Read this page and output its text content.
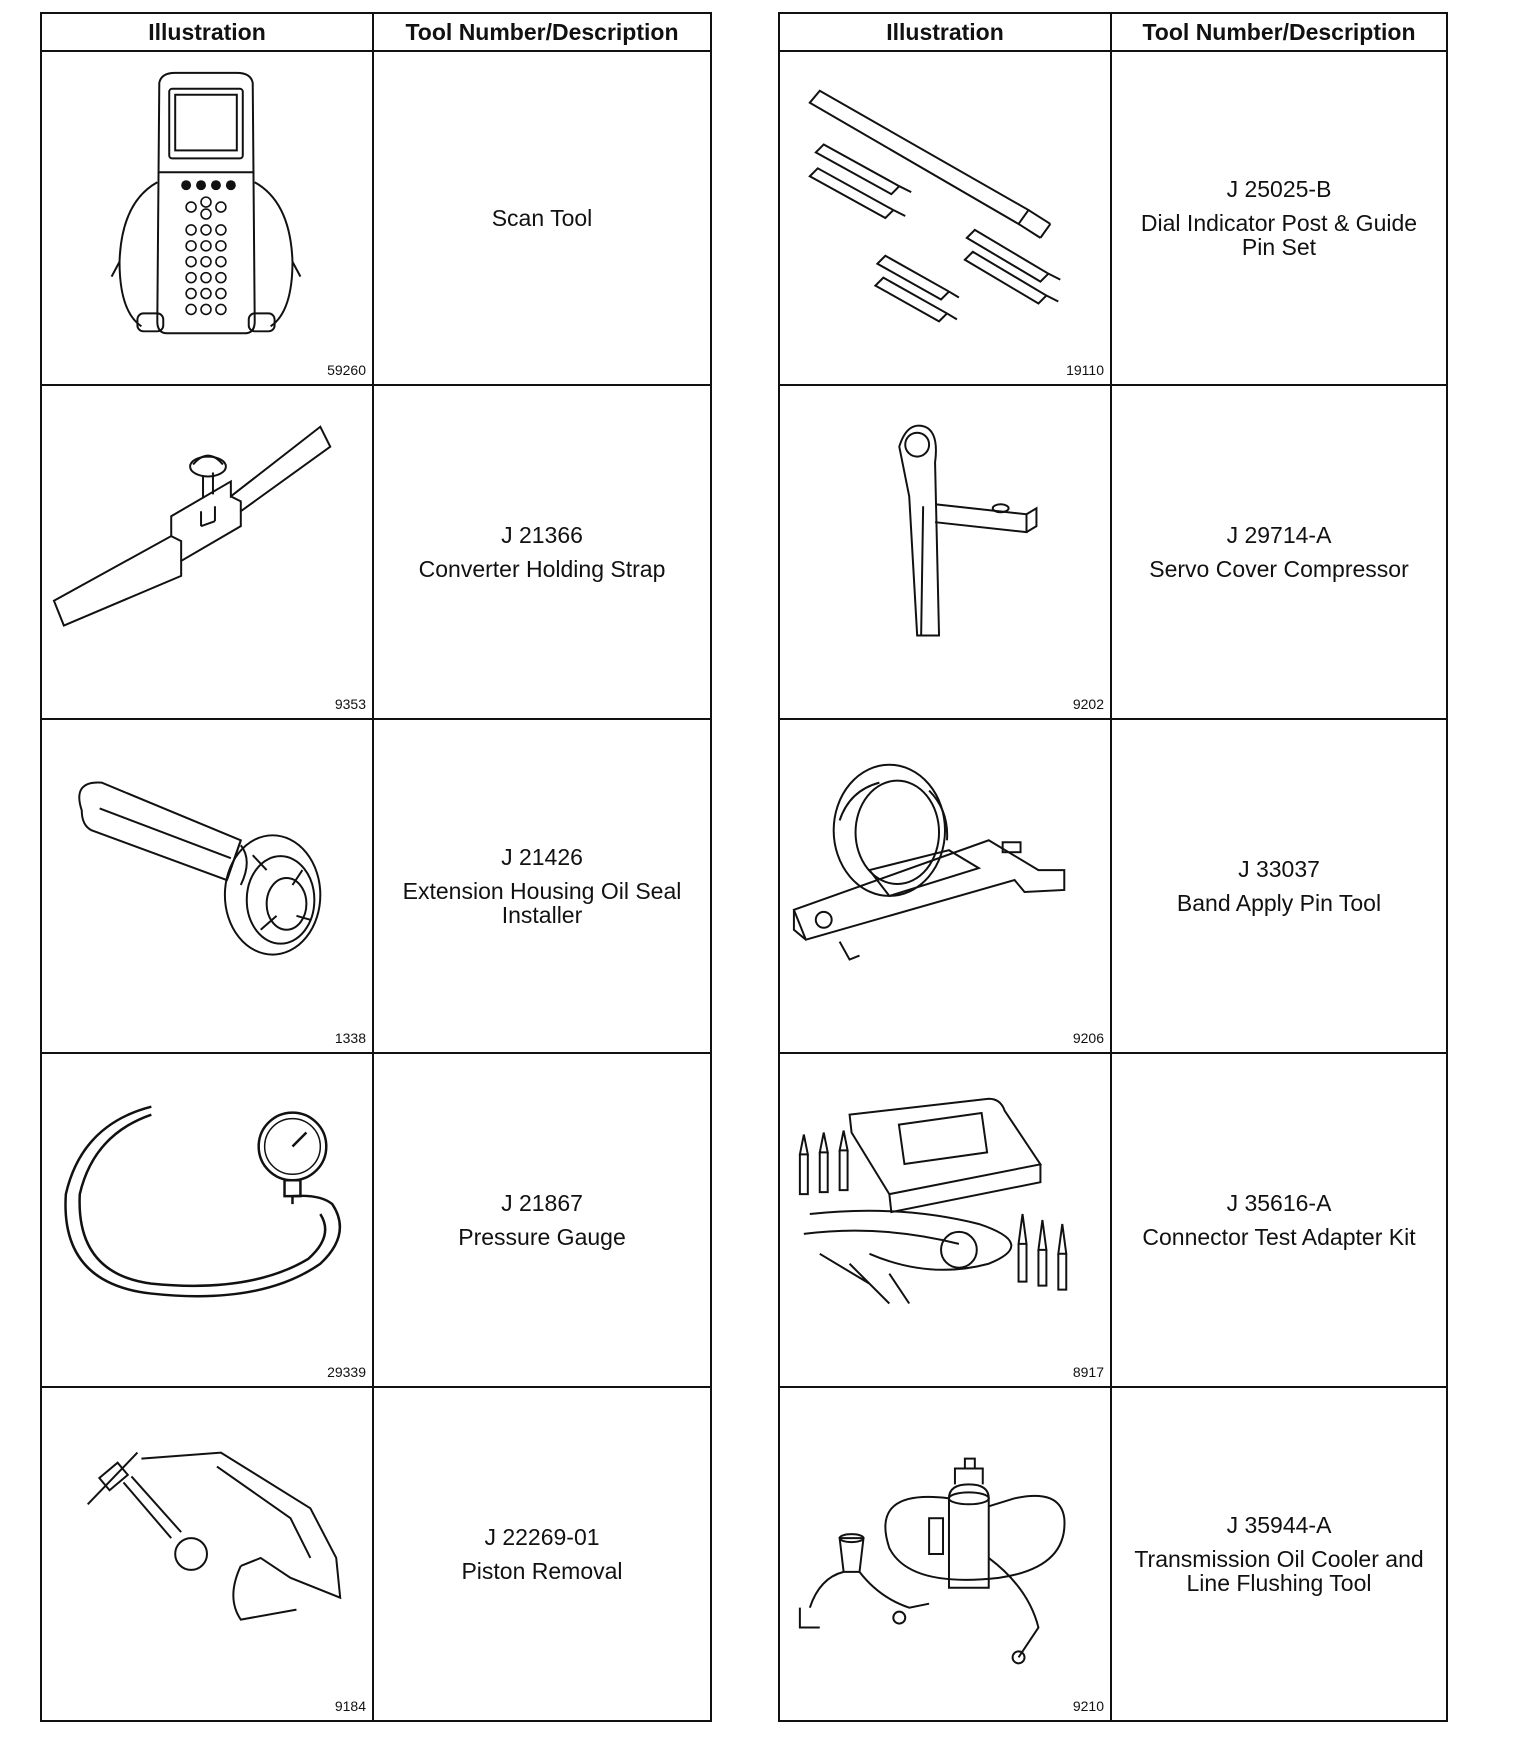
Illustration	Tool Number/Description

59260	Scan Tool

9353	J 21366
Converter Holding Strap

1338	J 21426
Extension Housing Oil Seal Installer

29339	J 21867
Pressure Gauge

9184	J 22269-01
Piston Removal
Illustration	Tool Number/Description

19110	J 25025-B
Dial Indicator Post & Guide Pin Set

9202	J 29714-A
Servo Cover Compressor

9206	J 33037
Band Apply Pin Tool

8917	J 35616-A
Connector Test Adapter Kit

9210	J 35944-A
Transmission Oil Cooler and Line Flushing Tool
